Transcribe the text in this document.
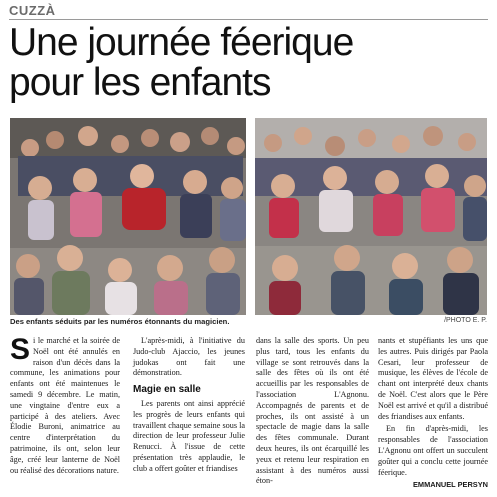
CUZZÀ
Une journée féerique
pour les enfants
Des enfants séduits par les numéros étonnants du magicien.	/PHOTO E. P.

S i le marché et la soirée de Noël ont été annulés en raison d'un décès dans la commune, les animations pour enfants ont été maintenues le samedi 9 décembre. Le matin, une vingtaine d'entre eux a participé à des ateliers. Avec Élodie Buroni, animatrice au centre d'interprétation du patrimoine, ils ont, selon leur âge, créé leur lanterne de Noël ou réalisé des décorations nature.

L'après-midi, à l'initiative du Judo-club Ajaccio, les jeunes judokas ont fait une démonstration.

Magie en salle

Les parents ont ainsi apprécié les progrès de leurs enfants qui travaillent chaque semaine sous la direction de leur professeur Julie Renucci. À l'issue de cette présentation très applaudie, le club a offert goûter et friandises

dans la salle des sports. Un peu plus tard, tous les enfants du village se sont retrouvés dans la salle des fêtes où ils ont été accueillis par les responsables de l'association L'Agnonu. Accompagnés de parents et de proches, ils ont assisté à un spectacle de magie dans la salle des fêtes communale. Durant deux heures, ils ont écarquillé les yeux et retenu leur respiration en assistant à des numéros aussi éton-

nants et stupéfiants les uns que les autres. Puis dirigés par Paola Cesari, leur professeur de musique, les élèves de l'école de chant ont interprété deux chants de Noël. C'est alors que le Père Noël est arrivé et qu'il a distribué des friandises aux enfants.

En fin d'après-midi, les responsables de l'association L'Agnonu ont offert un succulent goûter qui a conclu cette journée féerique.

EMMANUEL PERSYN
